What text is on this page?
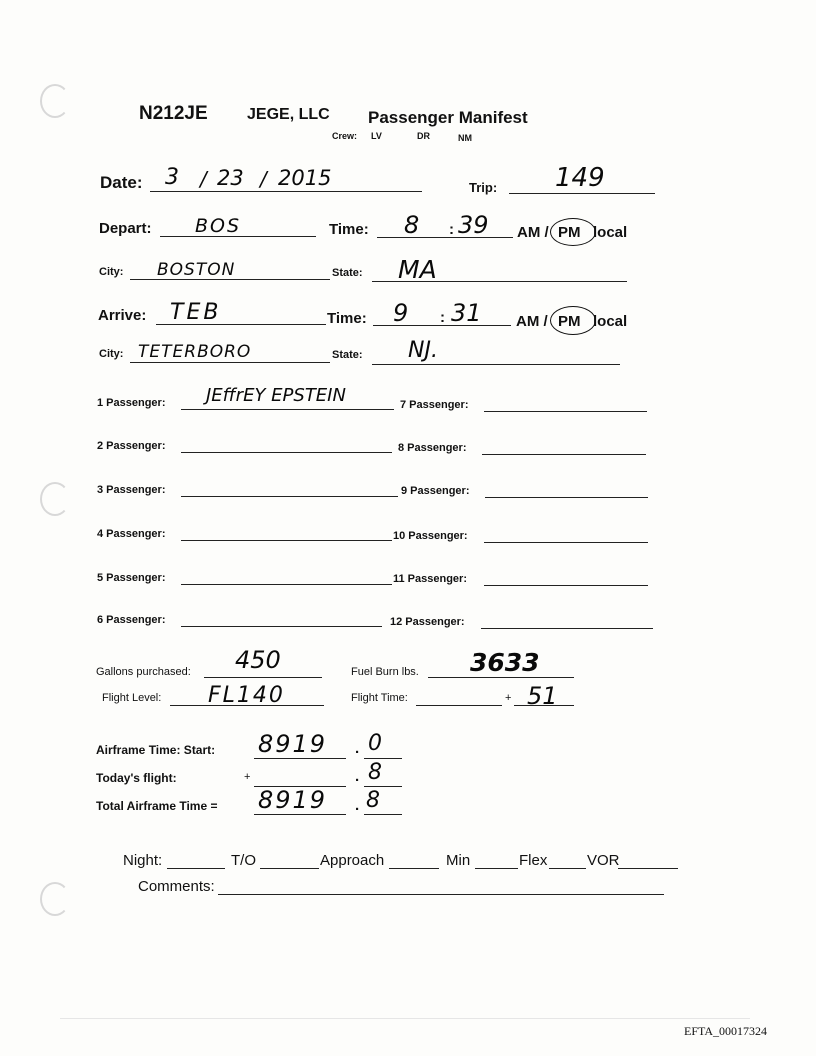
N212JE JEGE, LLC Passenger Manifest
Crew: LV	DR	NM
Date: 3 / 23 / 2015	Trip: 149
Depart: BOS	Time: 8 : 39 AM / PM local
City: BOSTON	State: MA
Arrive: TEB	Time: 9 : 31 AM / PM local
City: TETERBORO	State: NJ.
1 Passenger: JEffrEY EPSTEIN
2 Passenger:
3 Passenger:
4 Passenger:
5 Passenger:
6 Passenger:
7 Passenger:
8 Passenger:
9 Passenger:
10 Passenger:
11 Passenger:
12 Passenger:
Gallons purchased: 450	Fuel Burn lbs. 3633
Flight Level: FL140	Flight Time:	+ 51
Airframe Time: Start: 8919 . 0
Today's flight:	+	. 8
Total Airframe Time = 8919 . 8
Night:	T/O	Approach	Min	Flex	VOR
Comments:
EFTA_00017324
